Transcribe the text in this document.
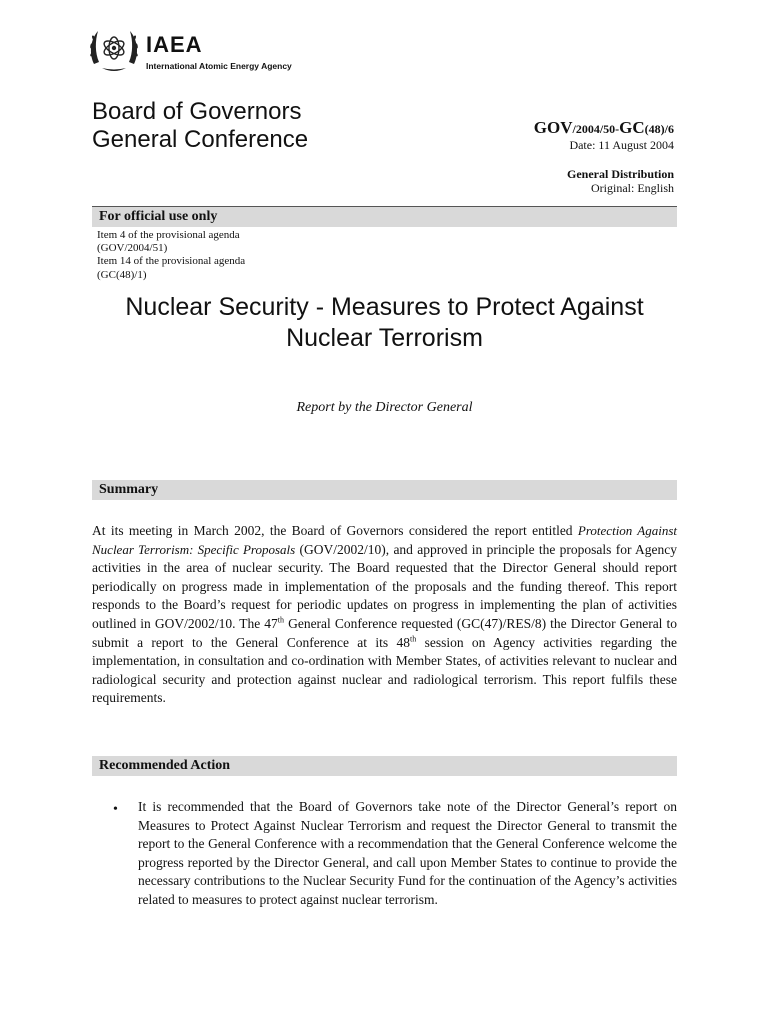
IAEA
International Atomic Energy Agency
Board of Governors
General Conference	GOV/2004/50-GC(48)/6
Date: 11 August 2004
General Distribution
Original: English
For official use only
Item 4 of the provisional agenda
(GOV/2004/51)
Item 14 of the provisional agenda
(GC(48)/1)
Nuclear Security - Measures to Protect Against
Nuclear Terrorism
Report by the Director General
Summary
At its meeting in March 2002, the Board of Governors considered the report entitled Protection Against Nuclear Terrorism: Specific Proposals (GOV/2002/10), and approved in principle the proposals for Agency activities in the area of nuclear security. The Board requested that the Director General should report periodically on progress made in implementation of the proposals and the funding thereof. This report responds to the Board’s request for periodic updates on progress in implementing the plan of activities outlined in GOV/2002/10. The 47th General Conference requested (GC(47)/RES/8) the Director General to submit a report to the General Conference at its 48th session on Agency activities regarding the implementation, in consultation and co-ordination with Member States, of activities relevant to nuclear and radiological security and protection against nuclear and radiological terrorism. This report fulfils these requirements.
Recommended Action
• It is recommended that the Board of Governors take note of the Director General’s report on Measures to Protect Against Nuclear Terrorism and request the Director General to transmit the report to the General Conference with a recommendation that the General Conference welcome the progress reported by the Director General, and call upon Member States to continue to provide the necessary contributions to the Nuclear Security Fund for the continuation of the Agency’s activities related to measures to protect against nuclear terrorism.
